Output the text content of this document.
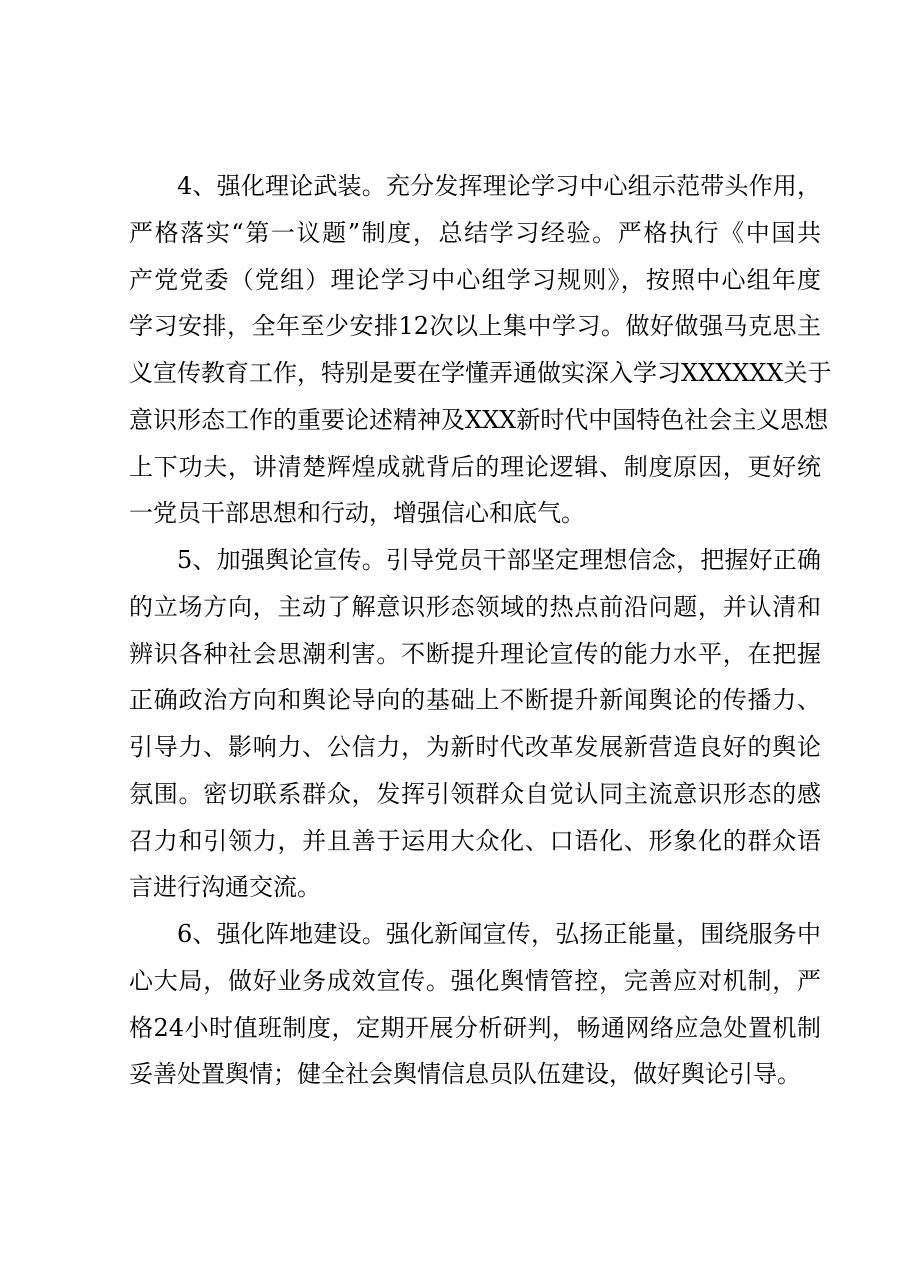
4、强化理论武装。充分发挥理论学习中心组示范带头作用，
严格落实“第一议题”制度，总结学习经验。严格执行《中国共
产党党委（党组）理论学习中心组学习规则》，按照中心组年度
学习安排，全年至少安排12次以上集中学习。做好做强马克思主
义宣传教育工作，特别是要在学懂弄通做实深入学习XXXXXX关于
意识形态工作的重要论述精神及XXX新时代中国特色社会主义思想
上下功夫，讲清楚辉煌成就背后的理论逻辑、制度原因，更好统
一党员干部思想和行动，增强信心和底气。
5、加强舆论宣传。引导党员干部坚定理想信念，把握好正确
的立场方向，主动了解意识形态领域的热点前沿问题，并认清和
辨识各种社会思潮利害。不断提升理论宣传的能力水平，在把握
正确政治方向和舆论导向的基础上不断提升新闻舆论的传播力、
引导力、影响力、公信力，为新时代改革发展新营造良好的舆论
氛围。密切联系群众，发挥引领群众自觉认同主流意识形态的感
召力和引领力，并且善于运用大众化、口语化、形象化的群众语
言进行沟通交流。
6、强化阵地建设。强化新闻宣传，弘扬正能量，围绕服务中
心大局，做好业务成效宣传。强化舆情管控，完善应对机制，严
格24小时值班制度，定期开展分析研判，畅通网络应急处置机制
妥善处置舆情；健全社会舆情信息员队伍建设，做好舆论引导。
